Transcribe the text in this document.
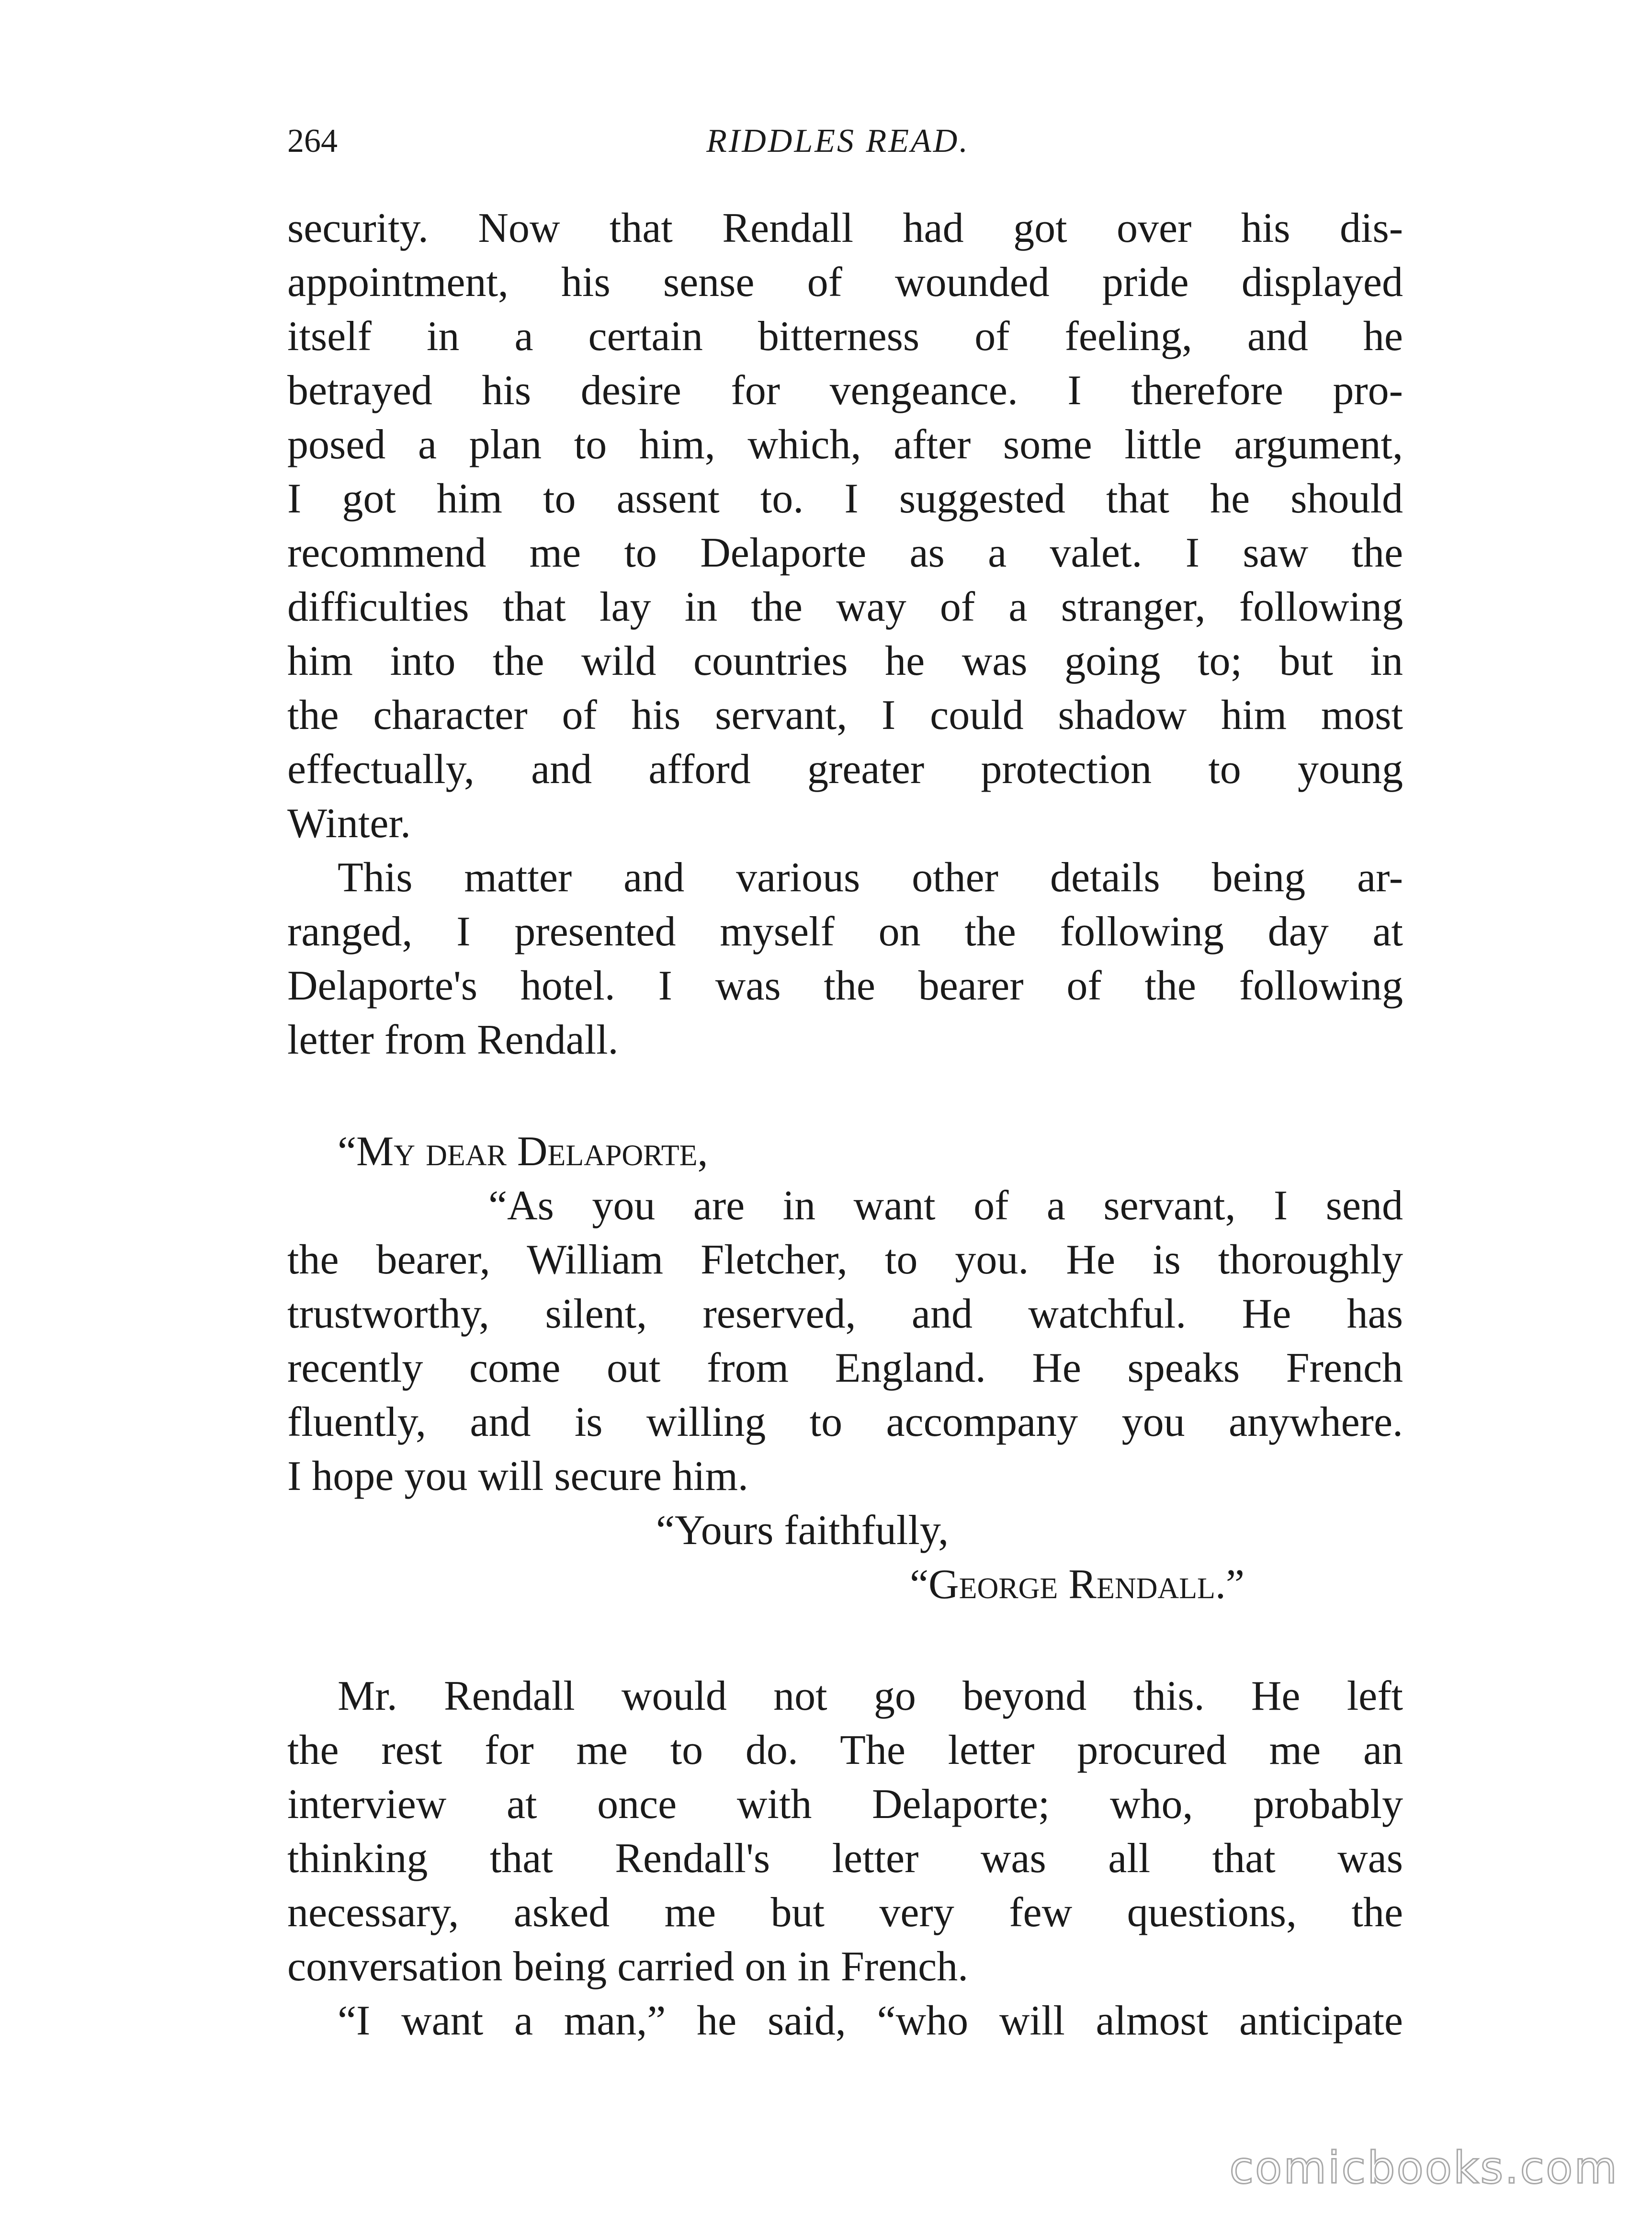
264	RIDDLES READ.
security. Now that Rendall had got over his dis-
appointment, his sense of wounded pride displayed
itself in a certain bitterness of feeling, and he
betrayed his desire for vengeance. I therefore pro-
posed a plan to him, which, after some little argument,
I got him to assent to. I suggested that he should
recommend me to Delaporte as a valet. I saw the
difficulties that lay in the way of a stranger, following
him into the wild countries he was going to; but in
the character of his servant, I could shadow him most
effectually, and afford greater protection to young
Winter.
This matter and various other details being ar-
ranged, I presented myself on the following day at
Delaporte's hotel. I was the bearer of the following
letter from Rendall.
“My dear Delaporte,
“As you are in want of a servant, I send
the bearer, William Fletcher, to you. He is thoroughly
trustworthy, silent, reserved, and watchful. He has
recently come out from England. He speaks French
fluently, and is willing to accompany you anywhere.
I hope you will secure him.
“Yours faithfully,
“George Rendall.”
Mr. Rendall would not go beyond this. He left
the rest for me to do. The letter procured me an
interview at once with Delaporte; who, probably
thinking that Rendall's letter was all that was
necessary, asked me but very few questions, the
conversation being carried on in French.
“I want a man,” he said, “who will almost anticipate
comicbooks.com
